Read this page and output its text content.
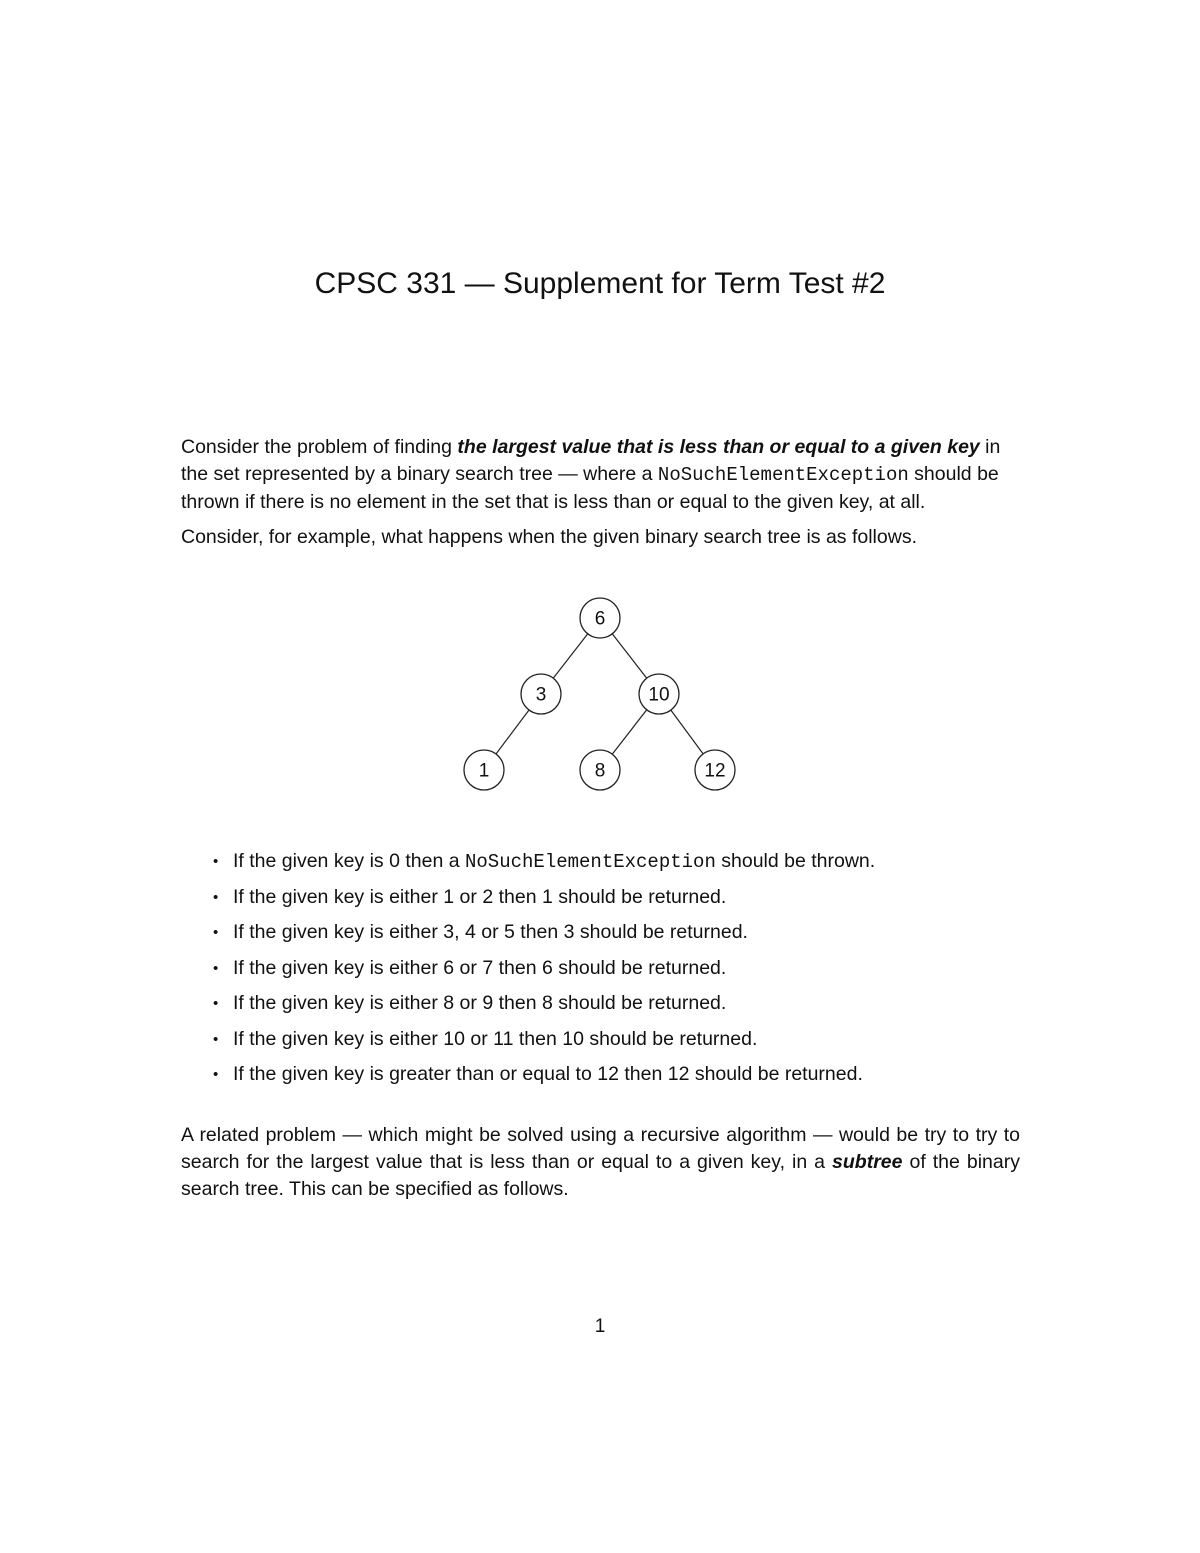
CPSC 331 — Supplement for Term Test #2

Consider the problem of finding the largest value that is less than or equal to a given key in the set represented by a binary search tree — where a NoSuchElementException should be thrown if there is no element in the set that is less than or equal to the given key, at all.

Consider, for example, what happens when the given binary search tree is as follows.

6
3	10
1	8	12
• If the given key is 0 then a NoSuchElementException should be thrown.
• If the given key is either 1 or 2 then 1 should be returned.
• If the given key is either 3, 4 or 5 then 3 should be returned.
• If the given key is either 6 or 7 then 6 should be returned.
• If the given key is either 8 or 9 then 8 should be returned.
• If the given key is either 10 or 11 then 10 should be returned.
• If the given key is greater than or equal to 12 then 12 should be returned.

A related problem — which might be solved using a recursive algorithm — would be try to try to search for the largest value that is less than or equal to a given key, in a subtree of the binary search tree. This can be specified as follows.

1
